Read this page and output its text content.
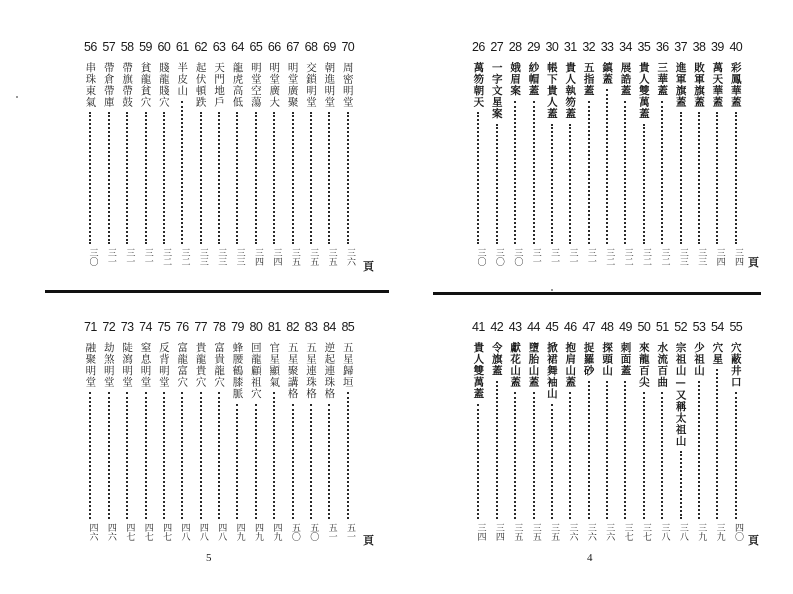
70
周密明堂
三六
69
朝進明堂
三五
68
交鎖明堂
三五
67
明堂廣聚
三五
66
明堂廣大
三四
65
明堂空蕩
三四
64
龍虎高低
三三
63
天門地戶
三三
62
起伏頓跌
三三
61
半皮山
三二
60
賤龍賤穴
三二
59
貧龍貧穴
三一
58
帶旗帶鼓
三一
57
帶倉帶庫
三一
56
串珠東氣
三〇
頁
40
彩鳳華蓋
三四
39
萬天華蓋
三四
38
敗軍旗蓋
三三
37
進軍旗蓋
三三
36
三華蓋
三二
35
貴人雙萬蓋
三二
34
展誥蓋
三二
33
鎮蓋
三二
32
五指蓋
三一
31
貴人執笏蓋
三一
30
帳下貴人蓋
三一
29
紗帽蓋
三一
28
娥眉案
三〇
27
一字文星案
三〇
26
萬笏朝天
三〇	頁
85
五星歸垣
五一
84
逆起連珠格
五一
83
五星連珠格
五〇
82
五星聚講格
五〇
81
官星顯氣
四九
80
回龍顧祖穴
四九
79
蜂腰鶴膝脈
四九
78
富貴龍穴
四八
77
貴龍貴穴
四八
76
富龍富穴
四八
75
反背明堂
四七
74
窒息明堂
四七
73
陡瀉明堂
四七
72
劫煞明堂
四六
71
融聚明堂
四六	頁
55
穴蔽井口
四〇
54
穴星
三九
53
少祖山
三九
52
宗祖山—又稱太祖山
三八
51
水流百曲
三八
50
來龍百尖
三七
49
刺面蓋
三七
48
探頭山
三六
47
捉羅砂
三六
46
抱肩山蓋
三六
45
掀裙舞袖山
三五
44
墮胎山蓋
三五
43
獻花山蓋
三五
42
令旗蓋
三四
41
貴人雙萬蓋
三四	頁
5	4
